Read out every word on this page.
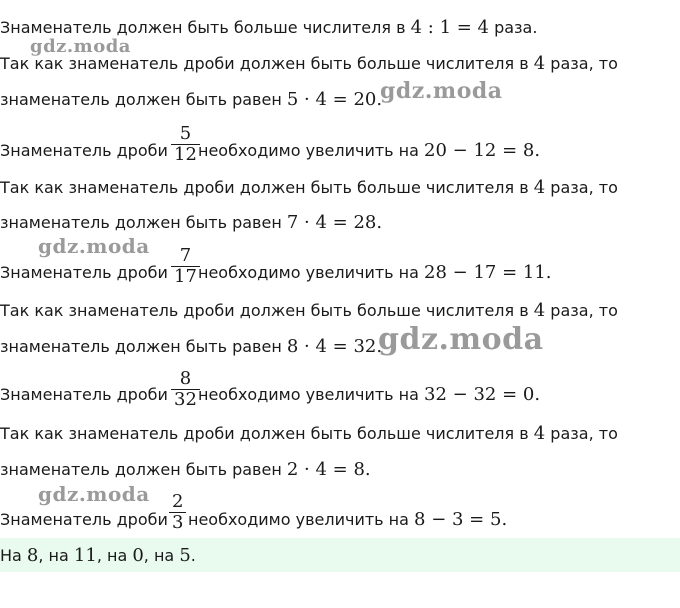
Знаменатель должен быть больше числителя в 4 : 1 = 4 раза.
gdz.moda
Так как знаменатель дроби должен быть больше числителя в 4 раза, то
знаменатель должен быть равен 5 · 4 = 20.
gdz.moda
Знаменатель дроби $\frac{5}{12}$
необходимо увеличить на 20 − 12 = 8.
Так как знаменатель дроби должен быть больше числителя в 4 раза, то
знаменатель должен быть равен 7 · 4 = 28.
gdz.moda
Знаменатель дроби $\frac{7}{17}$
необходимо увеличить на 28 − 17 = 11.
Так как знаменатель дроби должен быть больше числителя в 4 раза, то
знаменатель должен быть равен 8 · 4 = 32.
gdz.moda
Знаменатель дроби $\frac{8}{32}$
необходимо увеличить на 32 − 32 = 0.
Так как знаменатель дроби должен быть больше числителя в 4 раза, то
знаменатель должен быть равен 2 · 4 = 8.
gdz.moda
Знаменатель дроби $\frac{2}{3}$ необходимо увеличить на 8 − 3 = 5.
На 8, на 11, на 0, на 5.
